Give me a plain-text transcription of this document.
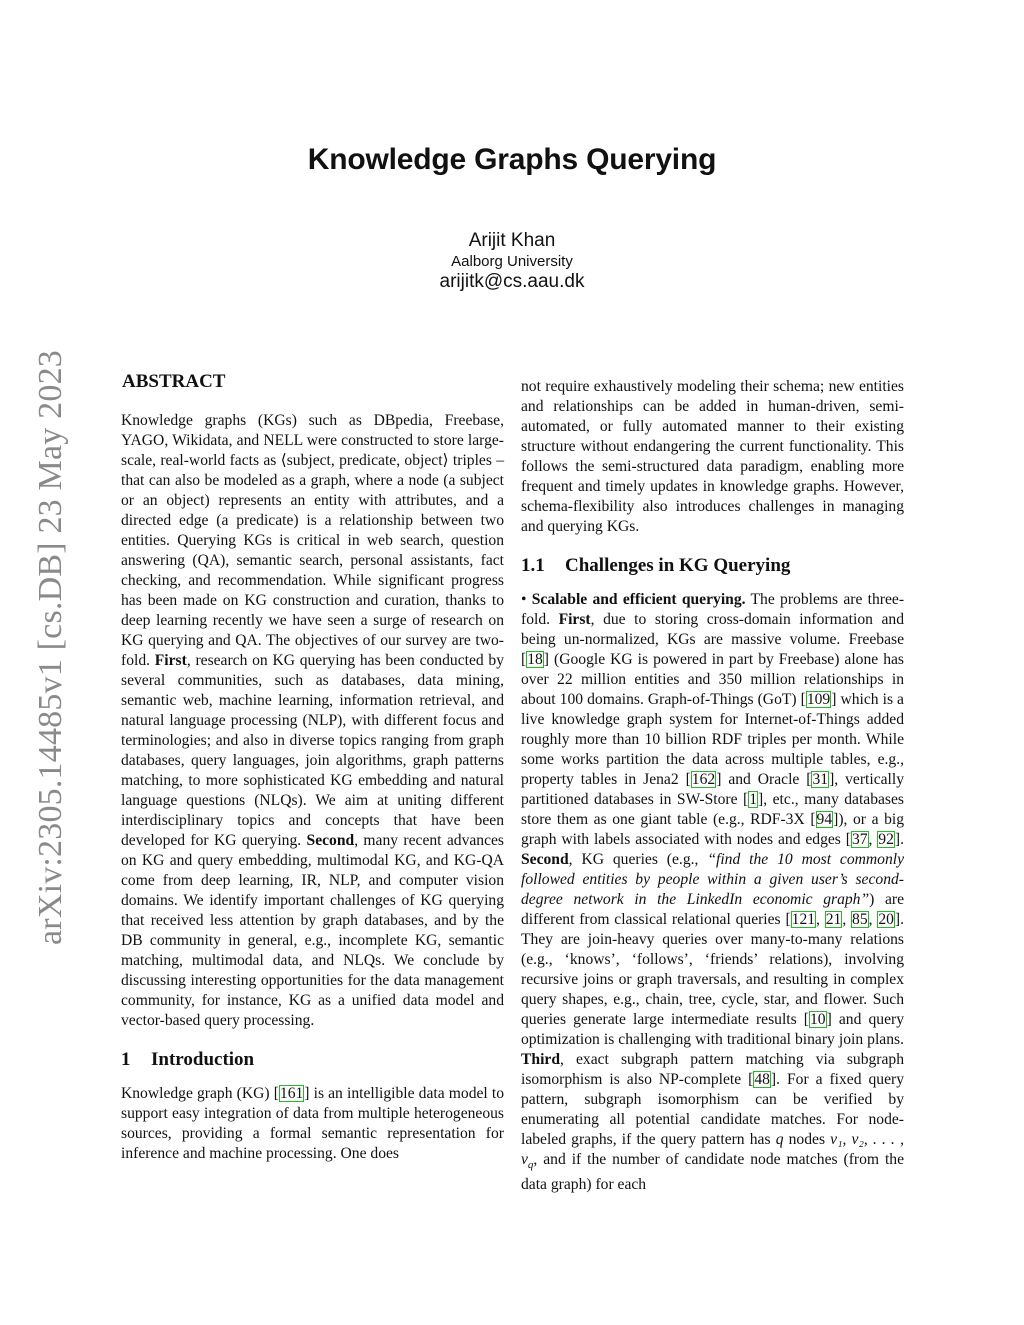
Knowledge Graphs Querying
Arijit Khan
Aalborg University
arijitk@cs.aau.dk
arXiv:2305.14485v1 [cs.DB] 23 May 2023	ABSTRACT

Knowledge graphs (KGs) such as DBpedia, Freebase, YAGO, Wikidata, and NELL were constructed to store large-scale, real-world facts as ⟨subject, predicate, object⟩ triples – that can also be modeled as a graph, where a node (a subject or an object) represents an entity with attributes, and a directed edge (a predicate) is a relationship between two entities. Querying KGs is critical in web search, question answering (QA), semantic search, personal assistants, fact checking, and recommendation. While significant progress has been made on KG construction and curation, thanks to deep learning recently we have seen a surge of research on KG querying and QA. The objectives of our survey are two-fold. First, research on KG querying has been conducted by several communities, such as databases, data mining, semantic web, machine learning, information retrieval, and natural language processing (NLP), with different focus and terminologies; and also in diverse topics ranging from graph databases, query languages, join algorithms, graph patterns matching, to more sophisticated KG embedding and natural language questions (NLQs). We aim at uniting different interdisciplinary topics and concepts that have been developed for KG querying. Second, many recent advances on KG and query embedding, multimodal KG, and KG-QA come from deep learning, IR, NLP, and computer vision domains. We identify important challenges of KG querying that received less attention by graph databases, and by the DB community in general, e.g., incomplete KG, semantic matching, multimodal data, and NLQs. We conclude by discussing interesting opportunities for the data management community, for instance, KG as a unified data model and vector-based query processing.

1 Introduction

Knowledge graph (KG) [161] is an intelligible data model to support easy integration of data from multiple heterogeneous sources, providing a formal semantic representation for inference and machine processing. One does

not require exhaustively modeling their schema; new entities and relationships can be added in human-driven, semi-automated, or fully automated manner to their existing structure without endangering the current functionality. This follows the semi-structured data paradigm, enabling more frequent and timely updates in knowledge graphs. However, schema-flexibility also introduces challenges in managing and querying KGs.

1.1 Challenges in KG Querying

• Scalable and efficient querying. The problems are three-fold. First, due to storing cross-domain information and being un-normalized, KGs are massive volume. Freebase [18] (Google KG is powered in part by Freebase) alone has over 22 million entities and 350 million relationships in about 100 domains. Graph-of-Things (GoT) [109] which is a live knowledge graph system for Internet-of-Things added roughly more than 10 billion RDF triples per month. While some works partition the data across multiple tables, e.g., property tables in Jena2 [162] and Oracle [31], vertically partitioned databases in SW-Store [1], etc., many databases store them as one giant table (e.g., RDF-3X [94]), or a big graph with labels associated with nodes and edges [37, 92]. Second, KG queries (e.g., “find the 10 most commonly followed entities by people within a given user’s second-degree network in the LinkedIn economic graph”) are different from classical relational queries [121, 21, 85, 20]. They are join-heavy queries over many-to-many relations (e.g., ‘knows’, ‘follows’, ‘friends’ relations), involving recursive joins or graph traversals, and resulting in complex query shapes, e.g., chain, tree, cycle, star, and flower. Such queries generate large intermediate results [10] and query optimization is challenging with traditional binary join plans. Third, exact subgraph pattern matching via subgraph isomorphism is also NP-complete [48]. For a fixed query pattern, subgraph isomorphism can be verified by enumerating all potential candidate matches. For node-labeled graphs, if the query pattern has q nodes v₁, v₂, . . . , $v_q$, and if the number of candidate node matches (from the data graph) for each
